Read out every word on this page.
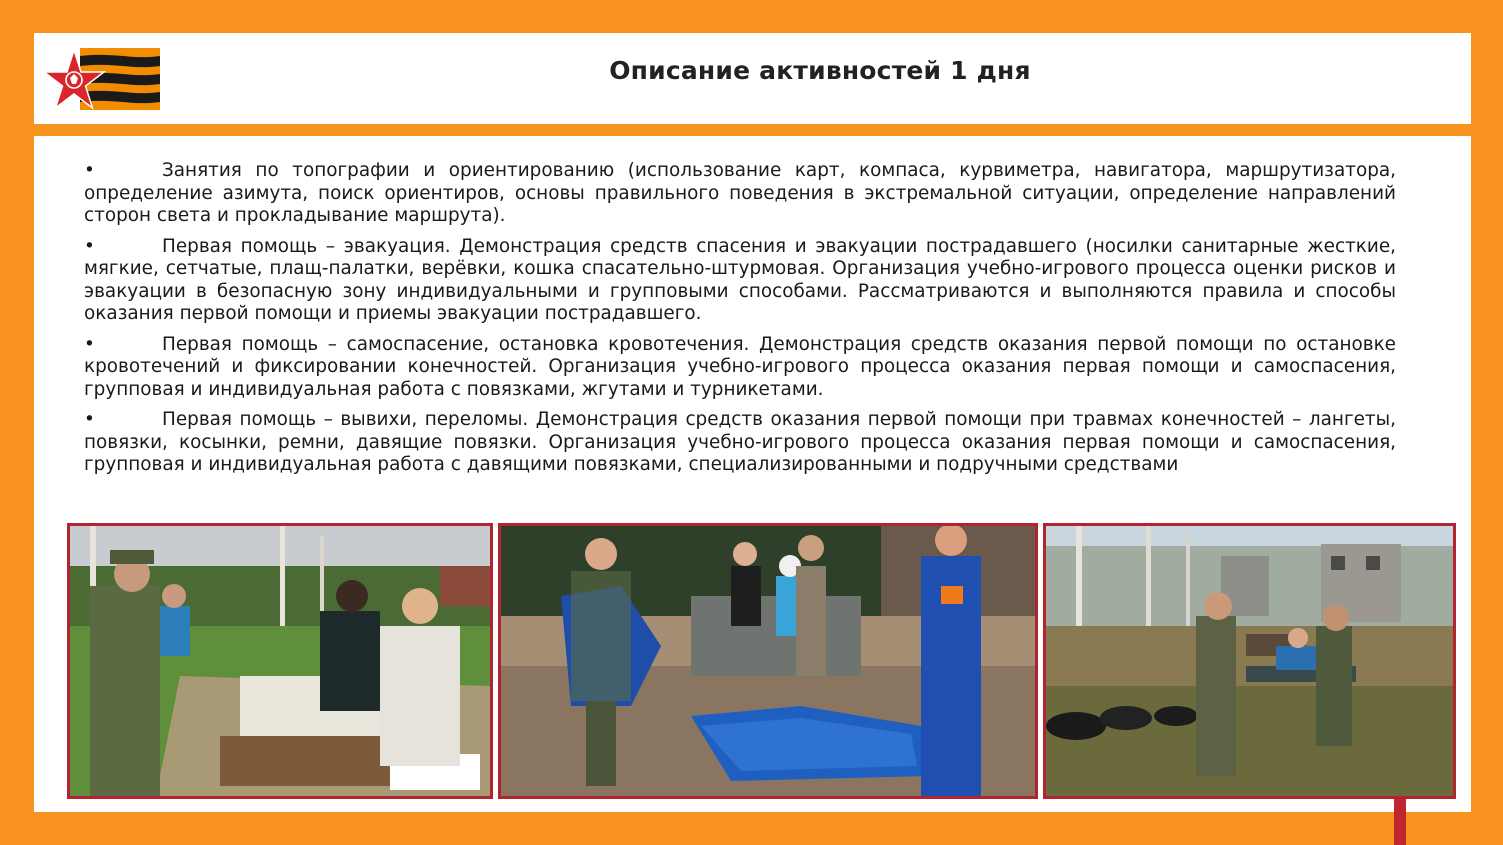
Описание активностей 1 дня
•	Занятия по топографии и ориентированию (использование карт, компаса, курвиметра, навигатора, маршрутизатора, определение азимута, поиск ориентиров, основы правильного поведения в экстремальной ситуации, определение направлений сторон света и прокладывание маршрута).
•	Первая помощь – эвакуация. Демонстрация средств спасения и эвакуации пострадавшего (носилки санитарные жесткие, мягкие, сетчатые, плащ-палатки, верёвки, кошка спасательно-штурмовая. Организация учебно-игрового процесса оценки рисков и эвакуации в безопасную зону индивидуальными и групповыми способами. Рассматриваются и выполняются правила и способы оказания первой помощи и приемы эвакуации пострадавшего.
•	Первая помощь – самоспасение, остановка кровотечения. Демонстрация средств оказания первой помощи по остановке кровотечений и фиксировании конечностей. Организация учебно-игрового процесса оказания первая помощи и самоспасения, групповая и индивидуальная работа с повязками, жгутами и турникетами.
•	Первая помощь – вывихи, переломы. Демонстрация средств оказания первой помощи при травмах конечностей – лангеты, повязки, косынки, ремни, давящие повязки. Организация учебно-игрового процесса оказания первая помощи и самоспасения, групповая и индивидуальная работа с давящими повязками, специализированными и подручными средствами
